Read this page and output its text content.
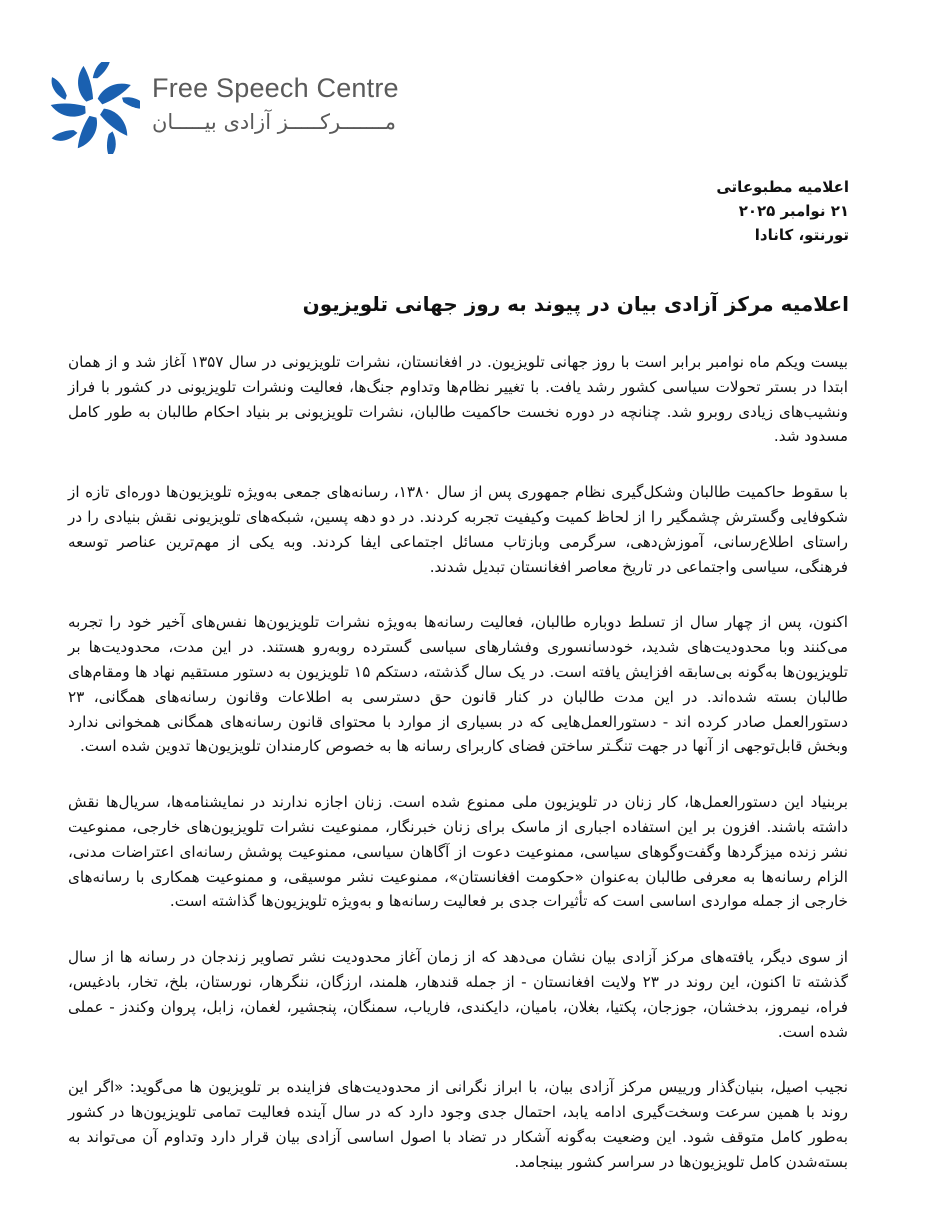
Free Speech Centre
مـــــــرکـــــز آزادی بیـــــان
اعلامیه مطبوعاتی
۲۱ نوامبر ۲۰۲۵
تورنتو، کانادا
اعلامیه مرکز آزادی بیان در پیوند به روز جهانی تلویزیون

بیست ویکم ماه نوامبر برابر است با روز جهانی تلویزیون. در افغانستان، نشرات تلویزیونی در سال ۱۳۵۷ آغاز شد و از همان ابتدا در بستر تحولات سیاسی کشور رشد یافت. با تغییر نظام‌ها وتداوم جنگ‌ها، فعالیت ونشرات تلویزیونی در کشور با فراز ونشیب‌های زیادی روبرو شد. چنانچه در دوره نخست حاکمیت طالبان، نشرات تلویزیونی بر بنیاد احکام طالبان به طور کامل مسدود شد.

با سقوط حاکمیت طالبان وشکل‌گیری نظام جمهوری پس از سال ۱۳۸۰، رسانه‌های جمعی به‌ویژه تلویزیون‌ها دوره‌ای تازه از شکوفایی وگسترش چشمگیر را از لحاظ کمیت وکیفیت تجربه کردند. در دو دهه پسین، شبکه‌های تلویزیونی نقش بنیادی را در راستای اطلاع‌رسانی، آموزش‌دهی، سرگرمی وبازتاب مسائل اجتماعی ایفا کردند. وبه یکی از مهم‌ترین عناصر توسعه فرهنگی، سیاسی واجتماعی در تاریخ معاصر افغانستان تبدیل شدند.

اکنون، پس از چهار سال از تسلط دوباره طالبان، فعالیت رسانه‌ها به‌ویژه نشرات تلویزیون‌ها نفس‌های آخیر خود را تجربه می‌کنند وبا محدودیت‌های شدید، خودسانسوری وفشارهای سیاسی گسترده روبه‌رو هستند. در این مدت، محدودیت‌ها بر تلویزیون‌ها به‌گونه بی‌سابقه افزایش یافته است. در یک سال گذشته، دستکم ۱۵ تلویزیون به دستور مستقیم نهاد ها ومقام‌های طالبان بسته شده‌اند. در این مدت طالبان در کنار قانون حق دسترسی به اطلاعات وقانون رسانه‌های همگانی، ۲۳ دستورالعمل صادر کرده اند - دستورالعمل‌هایی که در بسیاری از موارد با محتوای قانون رسانه‌های همگانی همخوانی ندارد وبخش قابل‌توجهی از آنها در جهت تنگـتر ساختن فضای کاربرای رسانه ها به خصوص کارمندان تلویزیون‌ها تدوین شده است.

بربنیاد این دستورالعمل‌ها، کار زنان در تلویزیون ملی ممنوع شده است. زنان اجازه ندارند در نمایشنامه‌ها، سریال‌ها نقش داشته باشند. افزون بر این استفاده اجباری از ماسک برای زنان خبرنگار، ممنوعیت نشرات تلویزیون‌های خارجی، ممنوعیت نشر زنده میزگردها وگفت‌وگوهای سیاسی، ممنوعیت دعوت از آگاهان سیاسی، ممنوعیت پوشش رسانه‌ای اعتراضات مدنی، الزام رسانه‌ها به معرفی طالبان به‌عنوان «حکومت افغانستان»، ممنوعیت نشر موسیقی، و ممنوعیت همکاری با رسانه‌های خارجی از جمله مواردی اساسی است که تأثیرات جدی بر فعالیت رسانه‌ها و به‌ویژه تلویزیون‌ها گذاشته است.

از سوی دیگر، یافته‌های مرکز آزادی بیان نشان می‌دهد که از زمان آغاز محدودیت نشر تصاویر زندجان در رسانه ها از سال گذشته تا اکنون، این روند در ۲۳ ولایت افغانستان - از جمله قندهار، هلمند، ارزگان، ننگرهار، نورستان، بلخ، تخار، بادغیس، فراه، نیمروز، بدخشان، جوزجان، پکتیا، بغلان، بامیان، دایکندی، فاریاب، سمنگان، پنجشیر، لغمان، زابل، پروان وکندز - عملی شده است.

نجیب اصیل، بنیان‌گذار ورییس مرکز آزادی بیان، با ابراز نگرانی از محدودیت‌های فزاینده بر تلویزیون ها می‌گوید: «اگر این روند با همین سرعت وسخت‌گیری ادامه یابد، احتمال جدی وجود دارد که در سال آینده فعالیت تمامی تلویزیون‌ها در کشور به‌طور کامل متوقف شود. این وضعیت به‌گونه آشکار در تضاد با اصول اساسی آزادی بیان قرار دارد وتداوم آن می‌تواند به بسته‌شدن کامل تلویزیون‌ها در سراسر کشور بینجامد.
